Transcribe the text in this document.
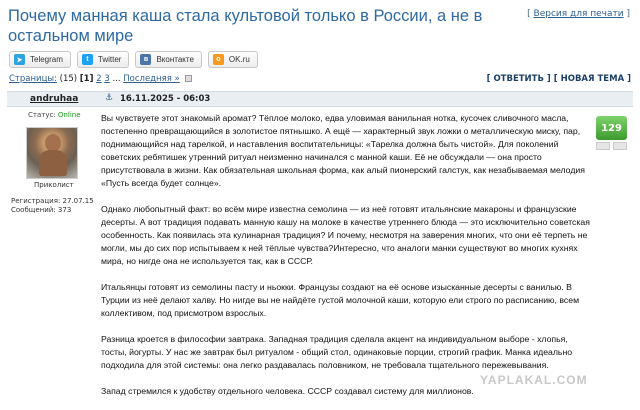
Почему манная каша стала культовой только в России, а не в остальном мире
[ Версия для печати ]
➤ Telegram	t	Twitter	в	Вконтакте	о	OK.ru
Страницы: (15) [1] 2 3 ... Последняя »	[ ОТВЕТИТЬ ] [ НОВАЯ ТЕМА ]
andruhaa	⚓ 16.11.2025 - 06:03
Статус: Online
Приколист
Регистрация: 27.07.15
Сообщений: 373

Вы чувствуете этот знакомый аромат? Тёплое молоко, едва уловимая ванильная нотка, кусочек сливочного масла, постепенно превращающийся в золотистое пятнышко. А ещё — характерный звук ложки о металлическую миску, пар, поднимающийся над тарелкой, и наставления воспитательницы: «Тарелка должна быть чистой». Для поколений советских ребятишек утренний ритуал неизменно начинался с манной каши. Её не обсуждали — она просто присутствовала в жизни. Как обязательная школьная форма, как алый пионерский галстук, как незабываемая мелодия «Пусть всегда будет солнце».

Однако любопытный факт: во всём мире известна семолина — из неё готовят итальянские макароны и французские десерты. А вот традиция подавать манную кашу на молоке в качестве утреннего блюда — это исключительно советская особенность. Как появилась эта кулинарная традиция? И почему, несмотря на заверения многих, что они её терпеть не могли, мы до сих пор испытываем к ней тёплые чувства?Интересно, что аналоги манки существуют во многих кухнях мира, но нигде она не используется так, как в СССР.

Итальянцы готовят из семолины пасту и ньокки. Французы создают на её основе изысканные десерты с ванилью. В Турции из неё делают халву. Но нигде вы не найдёте густой молочной каши, которую ели строго по расписанию, всем коллективом, под присмотром взрослых.

Разница кроется в философии завтрака. Западная традиция сделала акцент на индивидуальном выборе - хлопья, тосты, йогурты. У нас же завтрак был ритуалом - общий стол, одинаковые порции, строгий график. Манка идеально подходила для этой системы: она легко раздавалась половником, не требовала тщательного пережевывания.

Запад стремился к удобству отдельного человека. СССР создавал систему для миллионов.

129
YAPLAKAL.COM
